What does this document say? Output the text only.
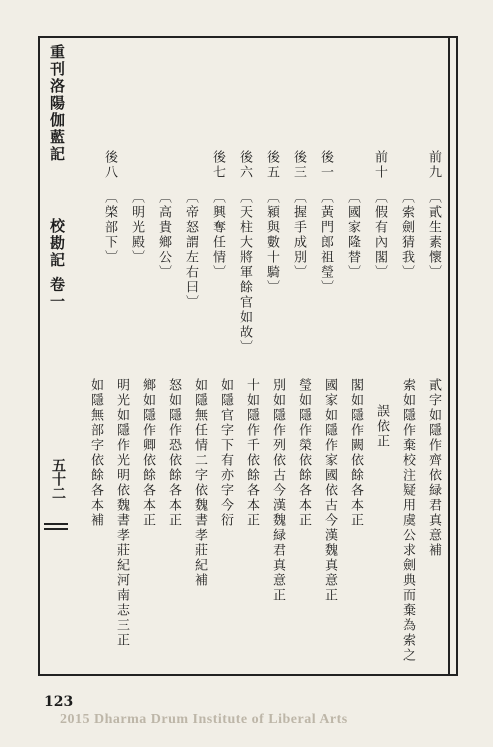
重刊洛陽伽藍記
校勘記 卷一
五十二
前九
〔貳生素懷〕
〔索劍猜我〕
前十
〔假有內閣〕
〔國家隆替〕
後一
〔黃門郎祖瑩〕
後三
〔握手成別〕
後五
〔潁與數十騎〕
後六
〔天柱大將軍餘官如故〕
後七
〔興奪任情〕
〔帝怒謂左右曰〕
〔高貴鄉公〕
〔明光殿〕
後八
〔棨部下〕
貳字如隱作齊依緑君真意補
索如隱作棄校注疑用虞公求劍典而棄為索之
誤依正
閣如隱作闕依餘各本正
國家如隱作家國依古今漢魏真意正
瑩如隱作榮依餘各本正
別如隱作列依古今漢魏緑君真意正
十如隱作千依餘各本正
如隱官字下有亦字今衍
如隱無任情二字依魏書孝莊紀補
怒如隱作恐依餘各本正
鄉如隱作卿依餘各本正
明光如隱作光明依魏書孝莊紀河南志三正
如隱無部字依餘各本補
123
2015 Dharma Drum Institute of Liberal Arts
